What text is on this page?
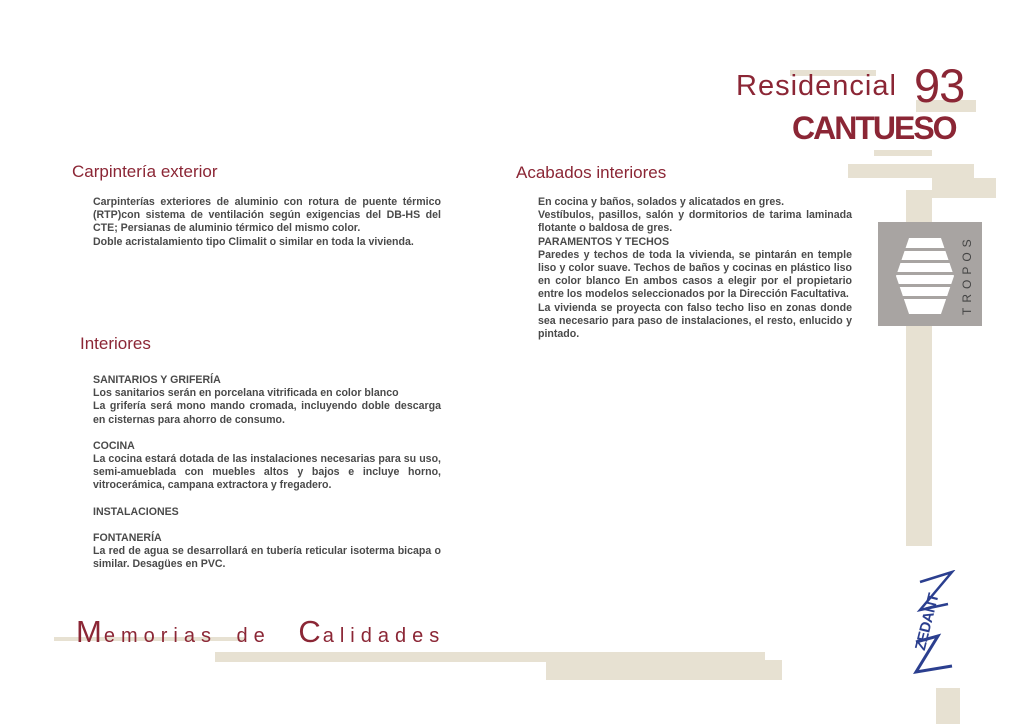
Residencial 93
CANTUESO
Carpintería exterior

Carpinterías exteriores de aluminio con rotura de puente térmico (RTP)con sistema de ventilación según exigencias del DB-HS del CTE; Persianas de aluminio térmico del mismo color.

Doble acristalamiento tipo Climalit o similar en toda la vivienda.

Acabados interiores

En cocina y baños, solados y alicatados en gres.

Vestíbulos, pasillos, salón y dormitorios de tarima laminada flotante o baldosa de gres.

PARAMENTOS Y TECHOS

Paredes y techos de toda la vivienda, se pintarán en temple liso y color suave. Techos de baños y cocinas en plástico liso en color blanco En ambos casos a elegir por el propietario entre los modelos seleccionados por la Dirección Facultativa.

La vivienda se proyecta con falso techo liso en zonas donde sea necesario para paso de instalaciones, el resto, enlucido y pintado.

Interiores

SANITARIOS Y GRIFERÍA

Los sanitarios serán en porcelana vitrificada en color blanco

La grifería será mono mando cromada, incluyendo doble descarga en cisternas para ahorro de consumo.

COCINA

La cocina estará dotada de las instalaciones necesarias para su uso, semi-amueblada con muebles altos y bajos e incluye horno, vitrocerámica, campana extractora y fregadero.

INSTALACIONES

FONTANERÍA

La red de agua se desarrollará en tubería reticular isoterma bicapa o similar. Desagües en PVC.

TROPOS
ZEDANT
Memorias de Calidades
